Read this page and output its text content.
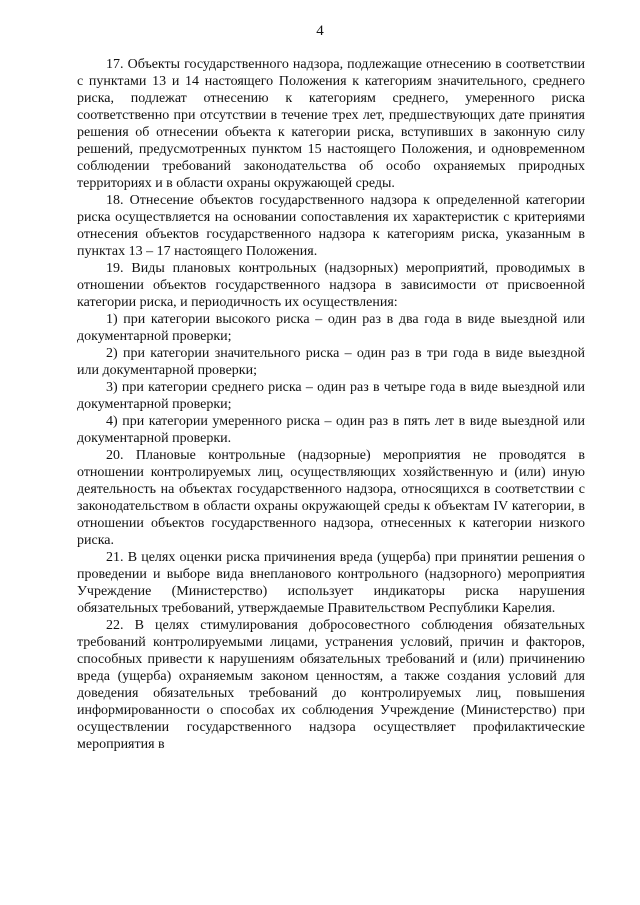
4

17. Объекты государственного надзора, подлежащие отнесению в соответствии с пунктами 13 и 14 настоящего Положения к категориям значительного, среднего риска, подлежат отнесению к категориям среднего, умеренного риска соответственно при отсутствии в течение трех лет, предшествующих дате принятия решения об отнесении объекта к категории риска, вступивших в законную силу решений, предусмотренных пунктом 15 настоящего Положения, и одновременном соблюдении требований законодательства об особо охраняемых природных территориях и в области охраны окружающей среды.

18. Отнесение объектов государственного надзора к определенной категории риска осуществляется на основании сопоставления их характеристик с критериями отнесения объектов государственного надзора к категориям риска, указанным в пунктах 13 – 17 настоящего Положения.

19. Виды плановых контрольных (надзорных) мероприятий, проводимых в отношении объектов государственного надзора в зависимости от присвоенной категории риска, и периодичность их осуществления:

1) при категории высокого риска – один раз в два года в виде выездной или документарной проверки;

2) при категории значительного риска – один раз в три года в виде выездной или документарной проверки;

3) при категории среднего риска – один раз в четыре года в виде выездной или документарной проверки;

4) при категории умеренного риска – один раз в пять лет в виде выездной или документарной проверки.

20. Плановые контрольные (надзорные) мероприятия не проводятся в отношении контролируемых лиц, осуществляющих хозяйственную и (или) иную деятельность на объектах государственного надзора, относящихся в соответствии с законодательством в области охраны окружающей среды к объектам IV категории, в отношении объектов государственного надзора, отнесенных к категории низкого риска.

21. В целях оценки риска причинения вреда (ущерба) при принятии решения о проведении и выборе вида внепланового контрольного (надзорного) мероприятия Учреждение (Министерство) использует индикаторы риска нарушения обязательных требований, утверждаемые Правительством Республики Карелия.

22. В целях стимулирования добросовестного соблюдения обязательных требований контролируемыми лицами, устранения условий, причин и факторов, способных привести к нарушениям обязательных требований и (или) причинению вреда (ущерба) охраняемым законом ценностям, а также создания условий для доведения обязательных требований до контролируемых лиц, повышения информированности о способах их соблюдения Учреждение (Министерство) при осуществлении государственного надзора осуществляет профилактические мероприятия в
